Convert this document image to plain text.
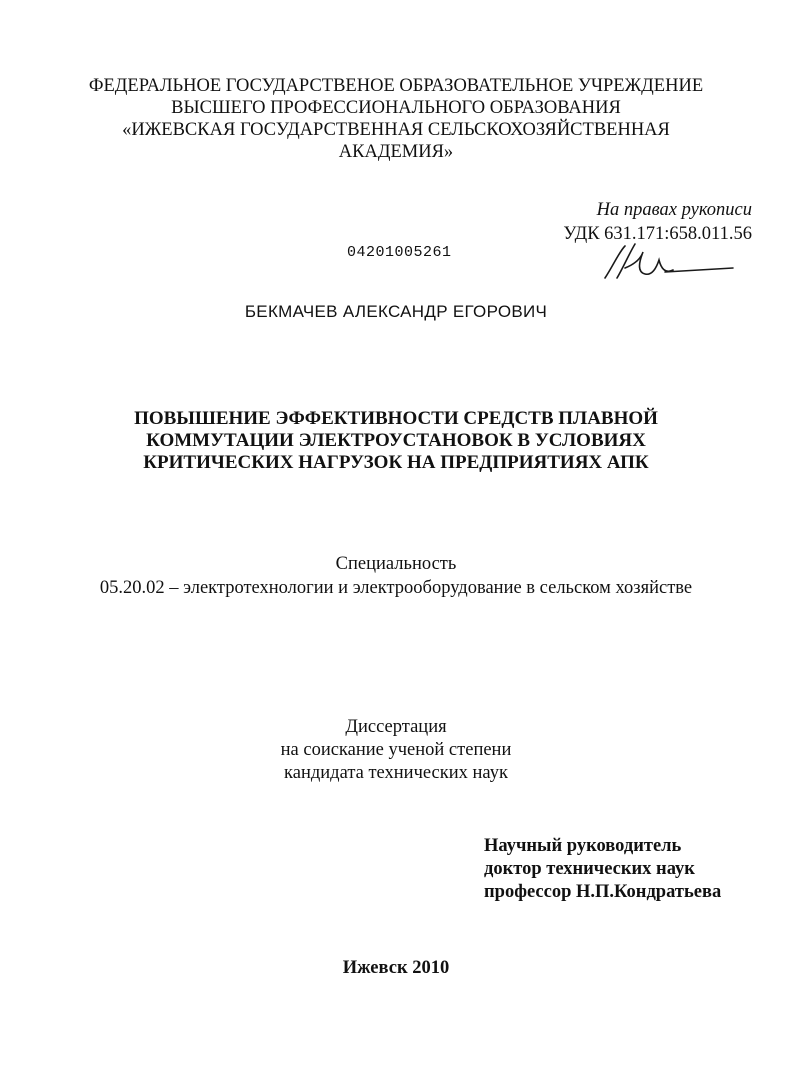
ФЕДЕРАЛЬНОЕ ГОСУДАРСТВЕНОЕ ОБРАЗОВАТЕЛЬНОЕ УЧРЕЖДЕНИЕ
ВЫСШЕГО ПРОФЕССИОНАЛЬНОГО ОБРАЗОВАНИЯ
«ИЖЕВСКАЯ ГОСУДАРСТВЕННАЯ СЕЛЬСКОХОЗЯЙСТВЕННАЯ
АКАДЕМИЯ»
На правах рукописи
УДК 631.171:658.011.56
04201005261
БЕКМАЧЕВ АЛЕКСАНДР ЕГОРОВИЧ
ПОВЫШЕНИЕ ЭФФЕКТИВНОСТИ СРЕДСТВ ПЛАВНОЙ
КОММУТАЦИИ ЭЛЕКТРОУСТАНОВОК В УСЛОВИЯХ
КРИТИЧЕСКИХ НАГРУЗОК НА ПРЕДПРИЯТИЯХ АПК
Специальность
05.20.02 – электротехнологии и электрооборудование в сельском хозяйстве
Диссертация
на соискание ученой степени
кандидата технических наук
Научный руководитель
доктор технических наук
профессор Н.П.Кондратьева
Ижевск 2010
